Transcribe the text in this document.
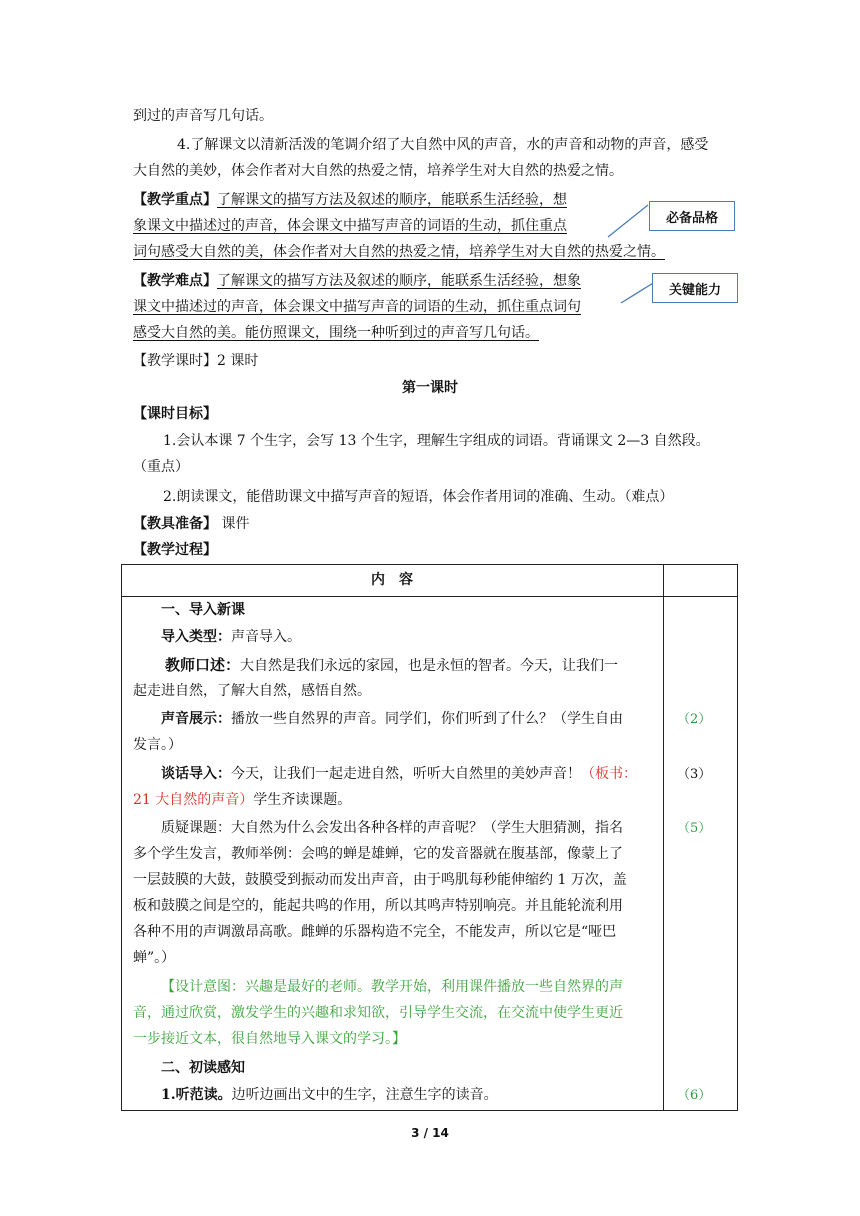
到过的声音写几句话。
4.了解课文以清新活泼的笔调介绍了大自然中风的声音，水的声音和动物的声音，感受
大自然的美妙，体会作者对大自然的热爱之情，培养学生对大自然的热爱之情。
【教学重点】了解课文的描写方法及叙述的顺序，能联系生活经验，想
象课文中描述过的声音，体会课文中描写声音的词语的生动，抓住重点
词句感受大自然的美，体会作者对大自然的热爱之情，培养学生对大自然的热爱之情。
【教学难点】了解课文的描写方法及叙述的顺序，能联系生活经验，想象
课文中描述过的声音，体会课文中描写声音的词语的生动，抓住重点词句
感受大自然的美。能仿照课文，围绕一种听到过的声音写几句话。
必备品格
关键能力
【教学课时】2 课时
第一课时
【课时目标】
1.会认本课 7 个生字，会写 13 个生字，理解生字组成的词语。背诵课文 2—3 自然段。
（重点）
2.朗读课文，能借助课文中描写声音的短语，体会作者用词的准确、生动。（难点）
【教具准备】 课件
【教学过程】
内　容
一、导入新课
导入类型：声音导入。
教师口述：大自然是我们永远的家园，也是永恒的智者。今天，让我们一
起走进自然，了解大自然，感悟自然。
声音展示：播放一些自然界的声音。同学们，你们听到了什么？（学生自由
发言。）
谈话导入：今天，让我们一起走进自然，听听大自然里的美妙声音！（板书：
21 大自然的声音）学生齐读课题。
质疑课题：大自然为什么会发出各种各样的声音呢？（学生大胆猜测，指名
多个学生发言，教师举例：会鸣的蝉是雄蝉，它的发音器就在腹基部，像蒙上了
一层鼓膜的大鼓，鼓膜受到振动而发出声音，由于鸣肌每秒能伸缩约 1 万次，盖
板和鼓膜之间是空的，能起共鸣的作用，所以其鸣声特别响亮。并且能轮流利用
各种不用的声调激昂高歌。雌蝉的乐器构造不完全，不能发声，所以它是“哑巴
蝉”。）
【设计意图：兴趣是最好的老师。教学开始，利用课件播放一些自然界的声
音，通过欣赏，激发学生的兴趣和求知欲，引导学生交流，在交流中使学生更近
一步接近文本，很自然地导入课文的学习。】
二、初读感知
1.听范读。边听边画出文中的生字，注意生字的读音。
（2）
（3）
（5）
（6）
3 / 14
